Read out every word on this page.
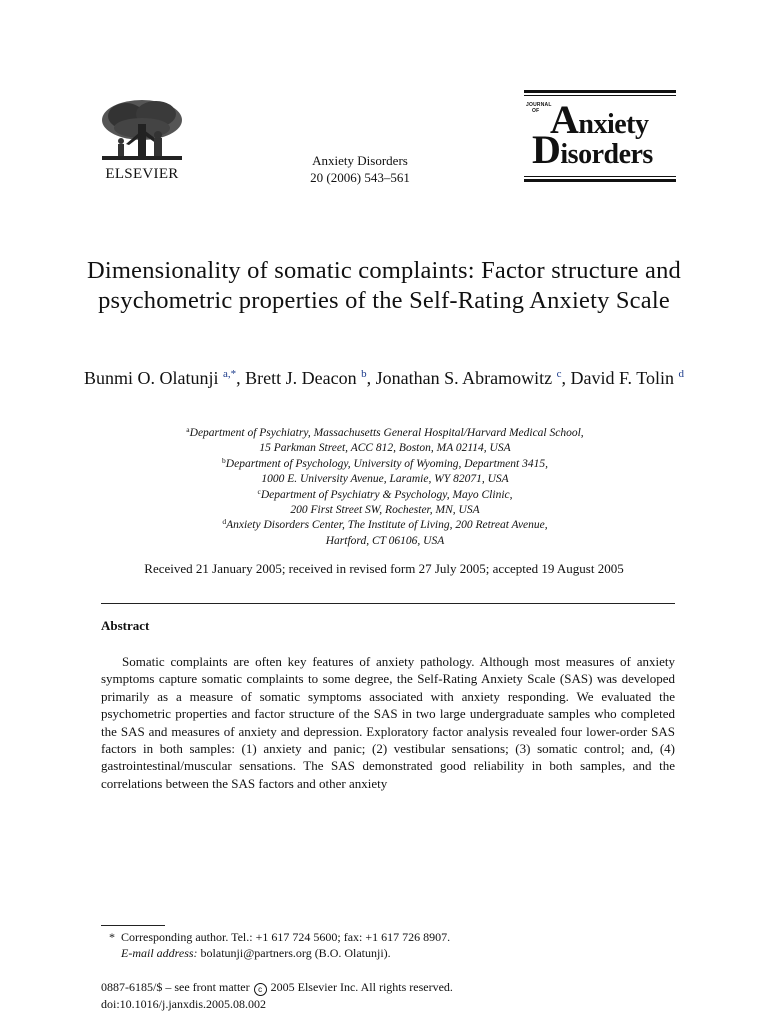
ELSEVIER
Anxiety Disorders
20 (2006) 543–561
JOURNAL
OF Anxiety
Disorders
Dimensionality of somatic complaints: Factor structure and psychometric properties of the Self-Rating Anxiety Scale
Bunmi O. Olatunji $^{a,*}$, Brett J. Deacon $^b$, Jonathan S. Abramowitz $^c$, David F. Tolin $^d$
$^a$Department of Psychiatry, Massachusetts General Hospital/Harvard Medical School,
15 Parkman Street, ACC 812, Boston, MA 02114, USA
$^b$Department of Psychology, University of Wyoming, Department 3415,
1000 E. University Avenue, Laramie, WY 82071, USA
$^c$Department of Psychiatry & Psychology, Mayo Clinic,
200 First Street SW, Rochester, MN, USA
$^d$Anxiety Disorders Center, The Institute of Living, 200 Retreat Avenue,
Hartford, CT 06106, USA
Received 21 January 2005; received in revised form 27 July 2005; accepted 19 August 2005
Abstract
Somatic complaints are often key features of anxiety pathology. Although most measures of anxiety symptoms capture somatic complaints to some degree, the Self-Rating Anxiety Scale (SAS) was developed primarily as a measure of somatic symptoms associated with anxiety responding. We evaluated the psychometric properties and factor structure of the SAS in two large undergraduate samples who completed the SAS and measures of anxiety and depression. Exploratory factor analysis revealed four lower-order SAS factors in both samples: (1) anxiety and panic; (2) vestibular sensations; (3) somatic control; and, (4) gastrointestinal/muscular sensations. The SAS demonstrated good reliability in both samples, and the correlations between the SAS factors and other anxiety
* Corresponding author. Tel.: +1 617 724 5600; fax: +1 617 726 8907.
E-mail address: bolatunji@partners.org (B.O. Olatunji).
0887-6185/$ – see front matter c 2005 Elsevier Inc. All rights reserved.
doi:10.1016/j.janxdis.2005.08.002
